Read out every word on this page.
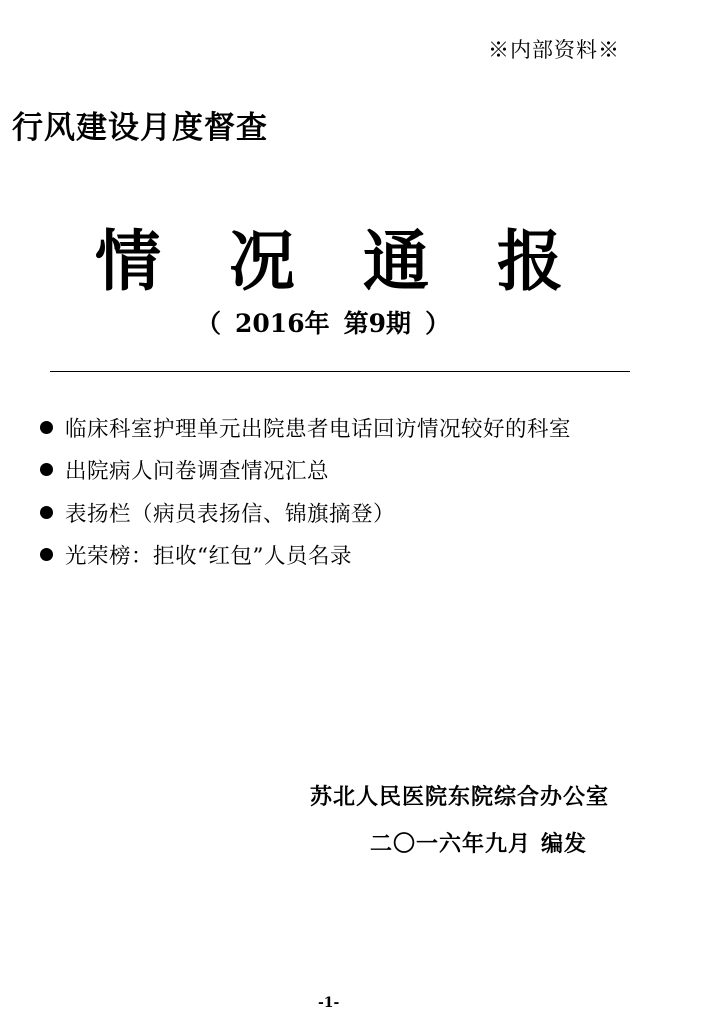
※内部资料※
行风建设月度督查
情况通报
（ 2016年 第9期 ）
临床科室护理单元出院患者电话回访情况较好的科室
出院病人问卷调查情况汇总
表扬栏（病员表扬信、锦旗摘登）
光荣榜：拒收“红包”人员名录
苏北人民医院东院综合办公室
二〇一六年九月 编发
-1-
